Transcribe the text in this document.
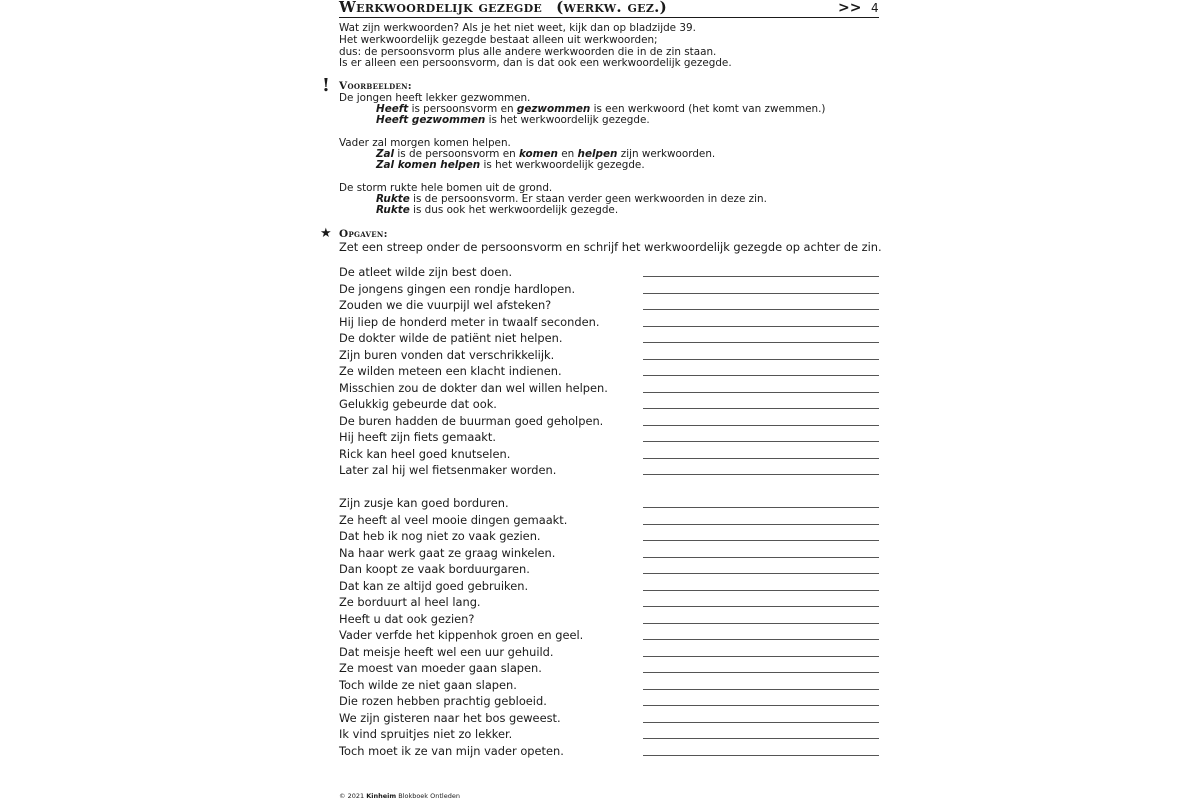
Werkwoordelijk gezegde (werkw. gez.)	>> 4
Wat zijn werkwoorden? Als je het niet weet, kijk dan op bladzijde 39.
Het werkwoordelijk gezegde bestaat alleen uit werkwoorden;
dus: de persoonsvorm plus alle andere werkwoorden die in de zin staan.
Is er alleen een persoonsvorm, dan is dat ook een werkwoordelijk gezegde.
! Voorbeelden:
De jongen heeft lekker gezwommen.
Heeft is persoonsvorm en gezwommen is een werkwoord (het komt van zwemmen.)
Heeft gezwommen is het werkwoordelijk gezegde.
Vader zal morgen komen helpen.
Zal is de persoonsvorm en komen en helpen zijn werkwoorden.
Zal komen helpen is het werkwoordelijk gezegde.
De storm rukte hele bomen uit de grond.
Rukte is de persoonsvorm. Er staan verder geen werkwoorden in deze zin.
Rukte is dus ook het werkwoordelijk gezegde.
★ Opgaven:
Zet een streep onder de persoonsvorm en schrijf het werkwoordelijk gezegde op achter de zin.
De atleet wilde zijn best doen.
De jongens gingen een rondje hardlopen.
Zouden we die vuurpijl wel afsteken?
Hij liep de honderd meter in twaalf seconden.
De dokter wilde de patiënt niet helpen.
Zijn buren vonden dat verschrikkelijk.
Ze wilden meteen een klacht indienen.
Misschien zou de dokter dan wel willen helpen.
Gelukkig gebeurde dat ook.
De buren hadden de buurman goed geholpen.
Hij heeft zijn fiets gemaakt.
Rick kan heel goed knutselen.
Later zal hij wel fietsenmaker worden.
Zijn zusje kan goed borduren.
Ze heeft al veel mooie dingen gemaakt.
Dat heb ik nog niet zo vaak gezien.
Na haar werk gaat ze graag winkelen.
Dan koopt ze vaak borduurgaren.
Dat kan ze altijd goed gebruiken.
Ze borduurt al heel lang.
Heeft u dat ook gezien?
Vader verfde het kippenhok groen en geel.
Dat meisje heeft wel een uur gehuild.
Ze moest van moeder gaan slapen.
Toch wilde ze niet gaan slapen.
Die rozen hebben prachtig gebloeid.
We zijn gisteren naar het bos geweest.
Ik vind spruitjes niet zo lekker.
Toch moet ik ze van mijn vader opeten.
© 2021 Kinheim Blokboek Ontleden
